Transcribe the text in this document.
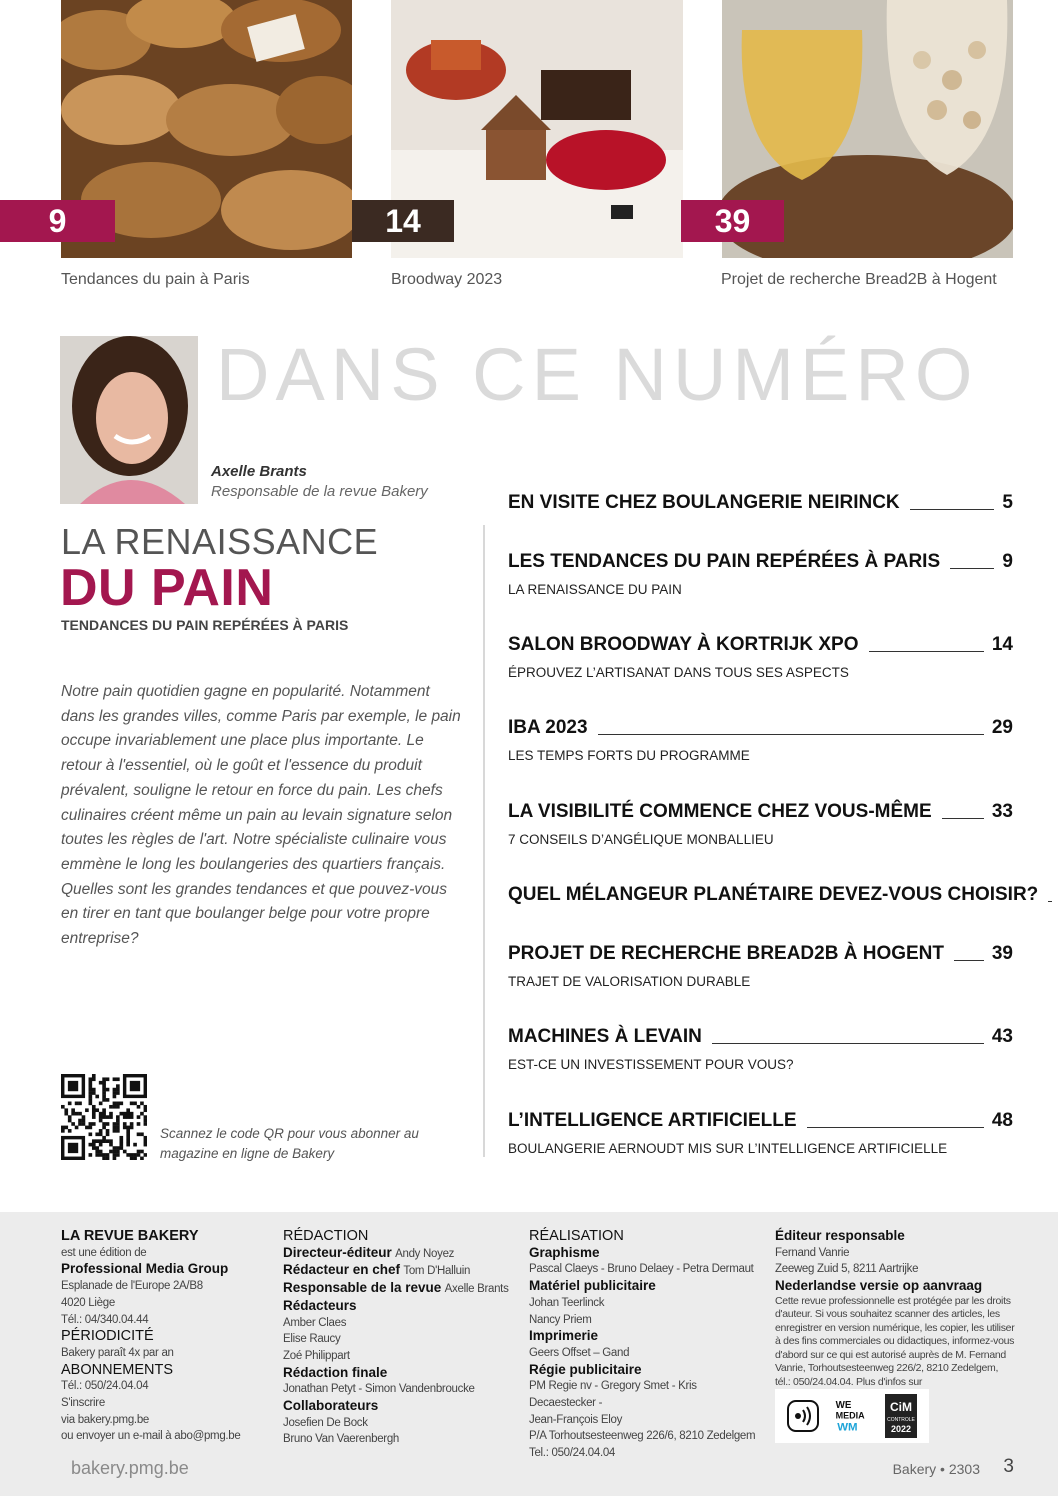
9	14	39
Tendances du pain à Paris	Broodway 2023	Projet de recherche Bread2B à Hogent
DANS CE NUMÉRO
Axelle Brants
Responsable de la revue Bakery
LA RENAISSANCE
DU PAIN
TENDANCES DU PAIN REPÉRÉES À PARIS
Notre pain quotidien gagne en popularité. Notamment dans les grandes villes, comme Paris par exemple, le pain occupe invariablement une place plus importante. Le retour à l'essentiel, où le goût et l'essence du produit prévalent, souligne le retour en force du pain. Les chefs culinaires créent même un pain au levain signature selon toutes les règles de l'art. Notre spécialiste culinaire vous emmène le long les boulangeries des quartiers français. Quelles sont les grandes tendances et que pouvez-vous en tirer en tant que boulanger belge pour votre propre entreprise?
Scannez le code QR pour vous abonner au magazine en ligne de Bakery
EN VISITE CHEZ BOULANGERIE NEIRINCK	5
LES TENDANCES DU PAIN REPÉRÉES À PARIS	9
LA RENAISSANCE DU PAIN
SALON BROODWAY À KORTRIJK XPO	14
ÉPROUVEZ L’ARTISANAT DANS TOUS SES ASPECTS
IBA 2023	29
LES TEMPS FORTS DU PROGRAMME
LA VISIBILITÉ COMMENCE CHEZ VOUS-MÊME	33
7 CONSEILS D’ANGÉLIQUE MONBALLIEU
QUEL MÉLANGEUR PLANÉTAIRE DEVEZ-VOUS CHOISIR?
PROJET DE RECHERCHE BREAD2B À HOGENT	39
TRAJET DE VALORISATION DURABLE
MACHINES À LEVAIN	43
EST-CE UN INVESTISSEMENT POUR VOUS?
L’INTELLIGENCE ARTIFICIELLE	48
BOULANGERIE AERNOUDT MIS SUR L’INTELLIGENCE ARTIFICIELLE
LA REVUE BAKERY
est une édition de
Professional Media Group
Esplanade de l'Europe 2A/B8
4020 Liège
Tél.: 04/340.04.44
PÉRIODICITÉ
Bakery paraît 4x par an
ABONNEMENTS
Tél.: 050/24.04.04
S'inscrire
via bakery.pmg.be
ou envoyer un e-mail à abo@pmg.be
RÉDACTION
Directeur-éditeur Andy Noyez
Rédacteur en chef Tom D'Halluin
Responsable de la revue Axelle Brants
Rédacteurs
Amber Claes
Elise Raucy
Zoé Philippart
Rédaction finale
Jonathan Petyt - Simon Vandenbroucke
Collaborateurs
Josefien De Bock
Bruno Van Vaerenbergh
RÉALISATION
Graphisme
Pascal Claeys - Bruno Delaey - Petra Dermaut
Matériel publicitaire
Johan Teerlinck
Nancy Priem
Imprimerie
Geers Offset – Gand
Régie publicitaire
PM Regie nv - Gregory Smet - Kris Decaestecker -
Jean-François Eloy
P/A Torhoutsesteenweg 226/6, 8210 Zedelgem
Tel.: 050/24.04.04
Éditeur responsable
Fernand Vanrie
Zeeweg Zuid 5, 8211 Aartrijke
Nederlandse versie op aanvraag
Cette revue professionnelle est protégée par les droits d'auteur. Si vous souhaitez scanner des articles, les enregistrer en version numérique, les copier, les utiliser à des fins commerciales ou didactiques, informez-vous d'abord sur ce qui est autorisé auprès de M. Fernand Vanrie, Torhoutsesteenweg 226/2, 8210 Zedelgem, tél.: 050/24.04.04. Plus d'infos sur
WE
MEDIA
WM
CiM
CONTROLE
2022
bakery.pmg.be	Bakery • 2303 3
